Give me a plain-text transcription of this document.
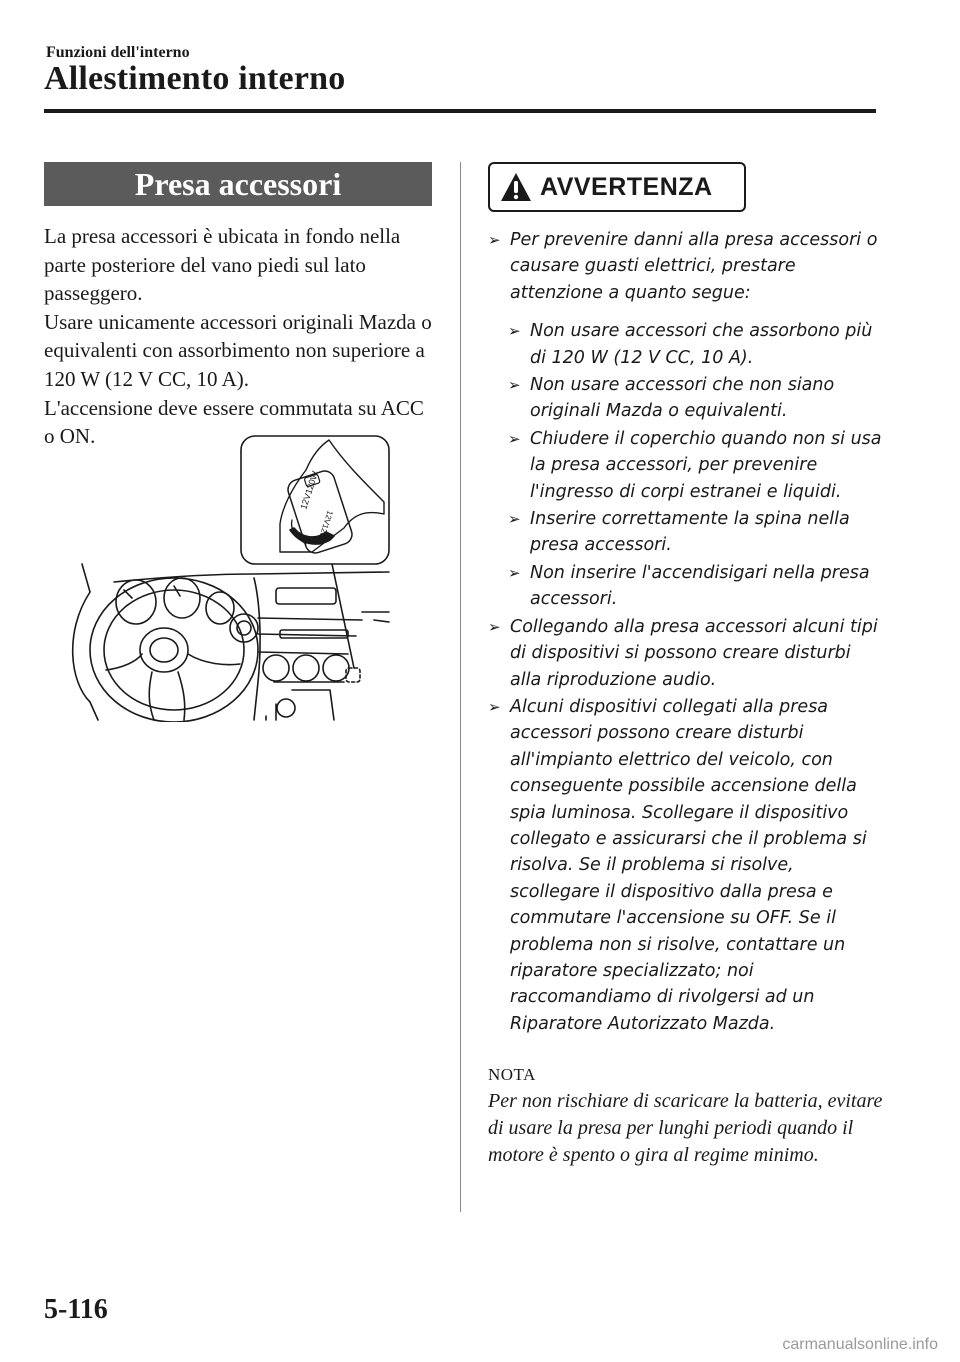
Funzioni dell'interno
Allestimento interno
Presa accessori

La presa accessori è ubicata in fondo nella parte posteriore del vano piedi sul lato passeggero.

Usare unicamente accessori originali Mazda o equivalenti con assorbimento non superiore a 120 W (12 V CC, 10 A).

L'accensione deve essere commutata su ACC o ON.

12V120W
12V120W
AVVERTENZA
➢ Per prevenire danni alla presa accessori o causare guasti elettrici, prestare attenzione a quanto segue:
➢ Non usare accessori che assorbono più di 120 W (12 V CC, 10 A).
➢ Non usare accessori che non siano originali Mazda o equivalenti.
➢ Chiudere il coperchio quando non si usa la presa accessori, per prevenire l'ingresso di corpi estranei e liquidi.
➢ Inserire correttamente la spina nella presa accessori.
➢ Non inserire l'accendisigari nella presa accessori.
➢ Collegando alla presa accessori alcuni tipi di dispositivi si possono creare disturbi alla riproduzione audio.
➢ Alcuni dispositivi collegati alla presa accessori possono creare disturbi all'impianto elettrico del veicolo, con conseguente possibile accensione della spia luminosa. Scollegare il dispositivo collegato e assicurarsi che il problema si risolva. Se il problema si risolve, scollegare il dispositivo dalla presa e commutare l'accensione su OFF. Se il problema non si risolve, contattare un riparatore specializzato; noi raccomandiamo di rivolgersi ad un Riparatore Autorizzato Mazda.
NOTA
Per non rischiare di scaricare la batteria, evitare di usare la presa per lunghi periodi quando il motore è spento o gira al regime minimo.
5-116
carmanualsonline.info
